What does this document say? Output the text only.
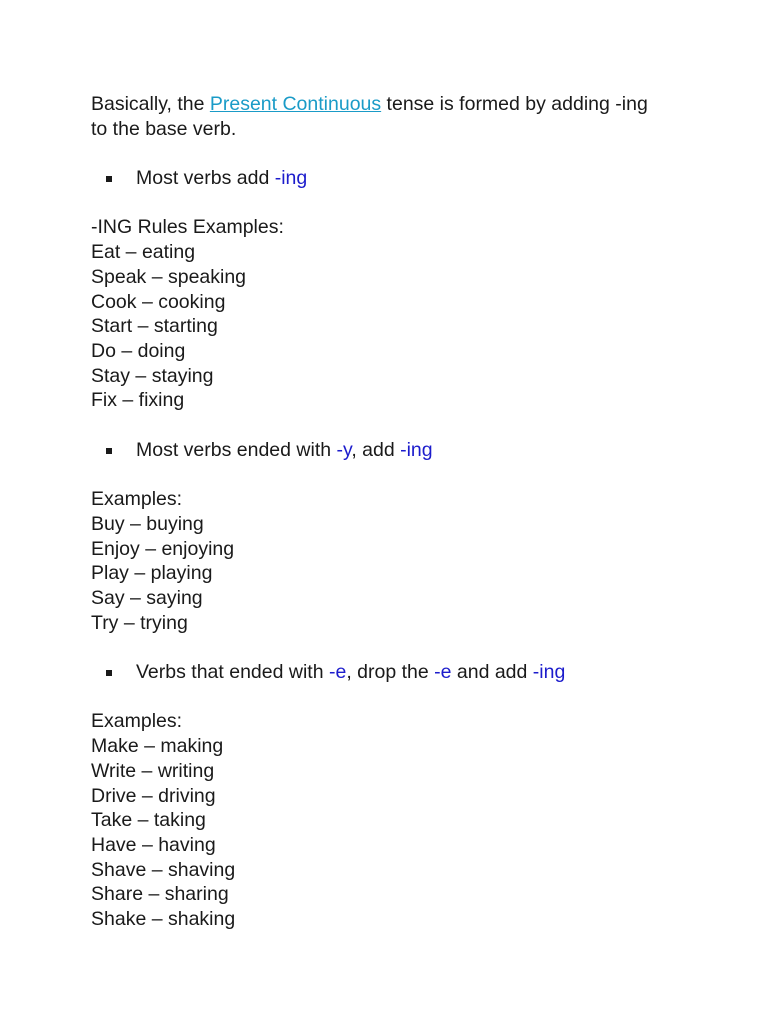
Basically, the Present Continuous tense is formed by adding -ing
to the base verb.

Most verbs add -ing
-ING Rules Examples:
Eat – eating
Speak – speaking
Cook – cooking
Start – starting
Do – doing
Stay – staying
Fix – fixing
Most verbs ended with -y, add -ing
Examples:
Buy – buying
Enjoy – enjoying
Play – playing
Say – saying
Try – trying
Verbs that ended with -e, drop the -e and add -ing
Examples:
Make – making
Write – writing
Drive – driving
Take – taking
Have – having
Shave – shaving
Share – sharing
Shake – shaking
